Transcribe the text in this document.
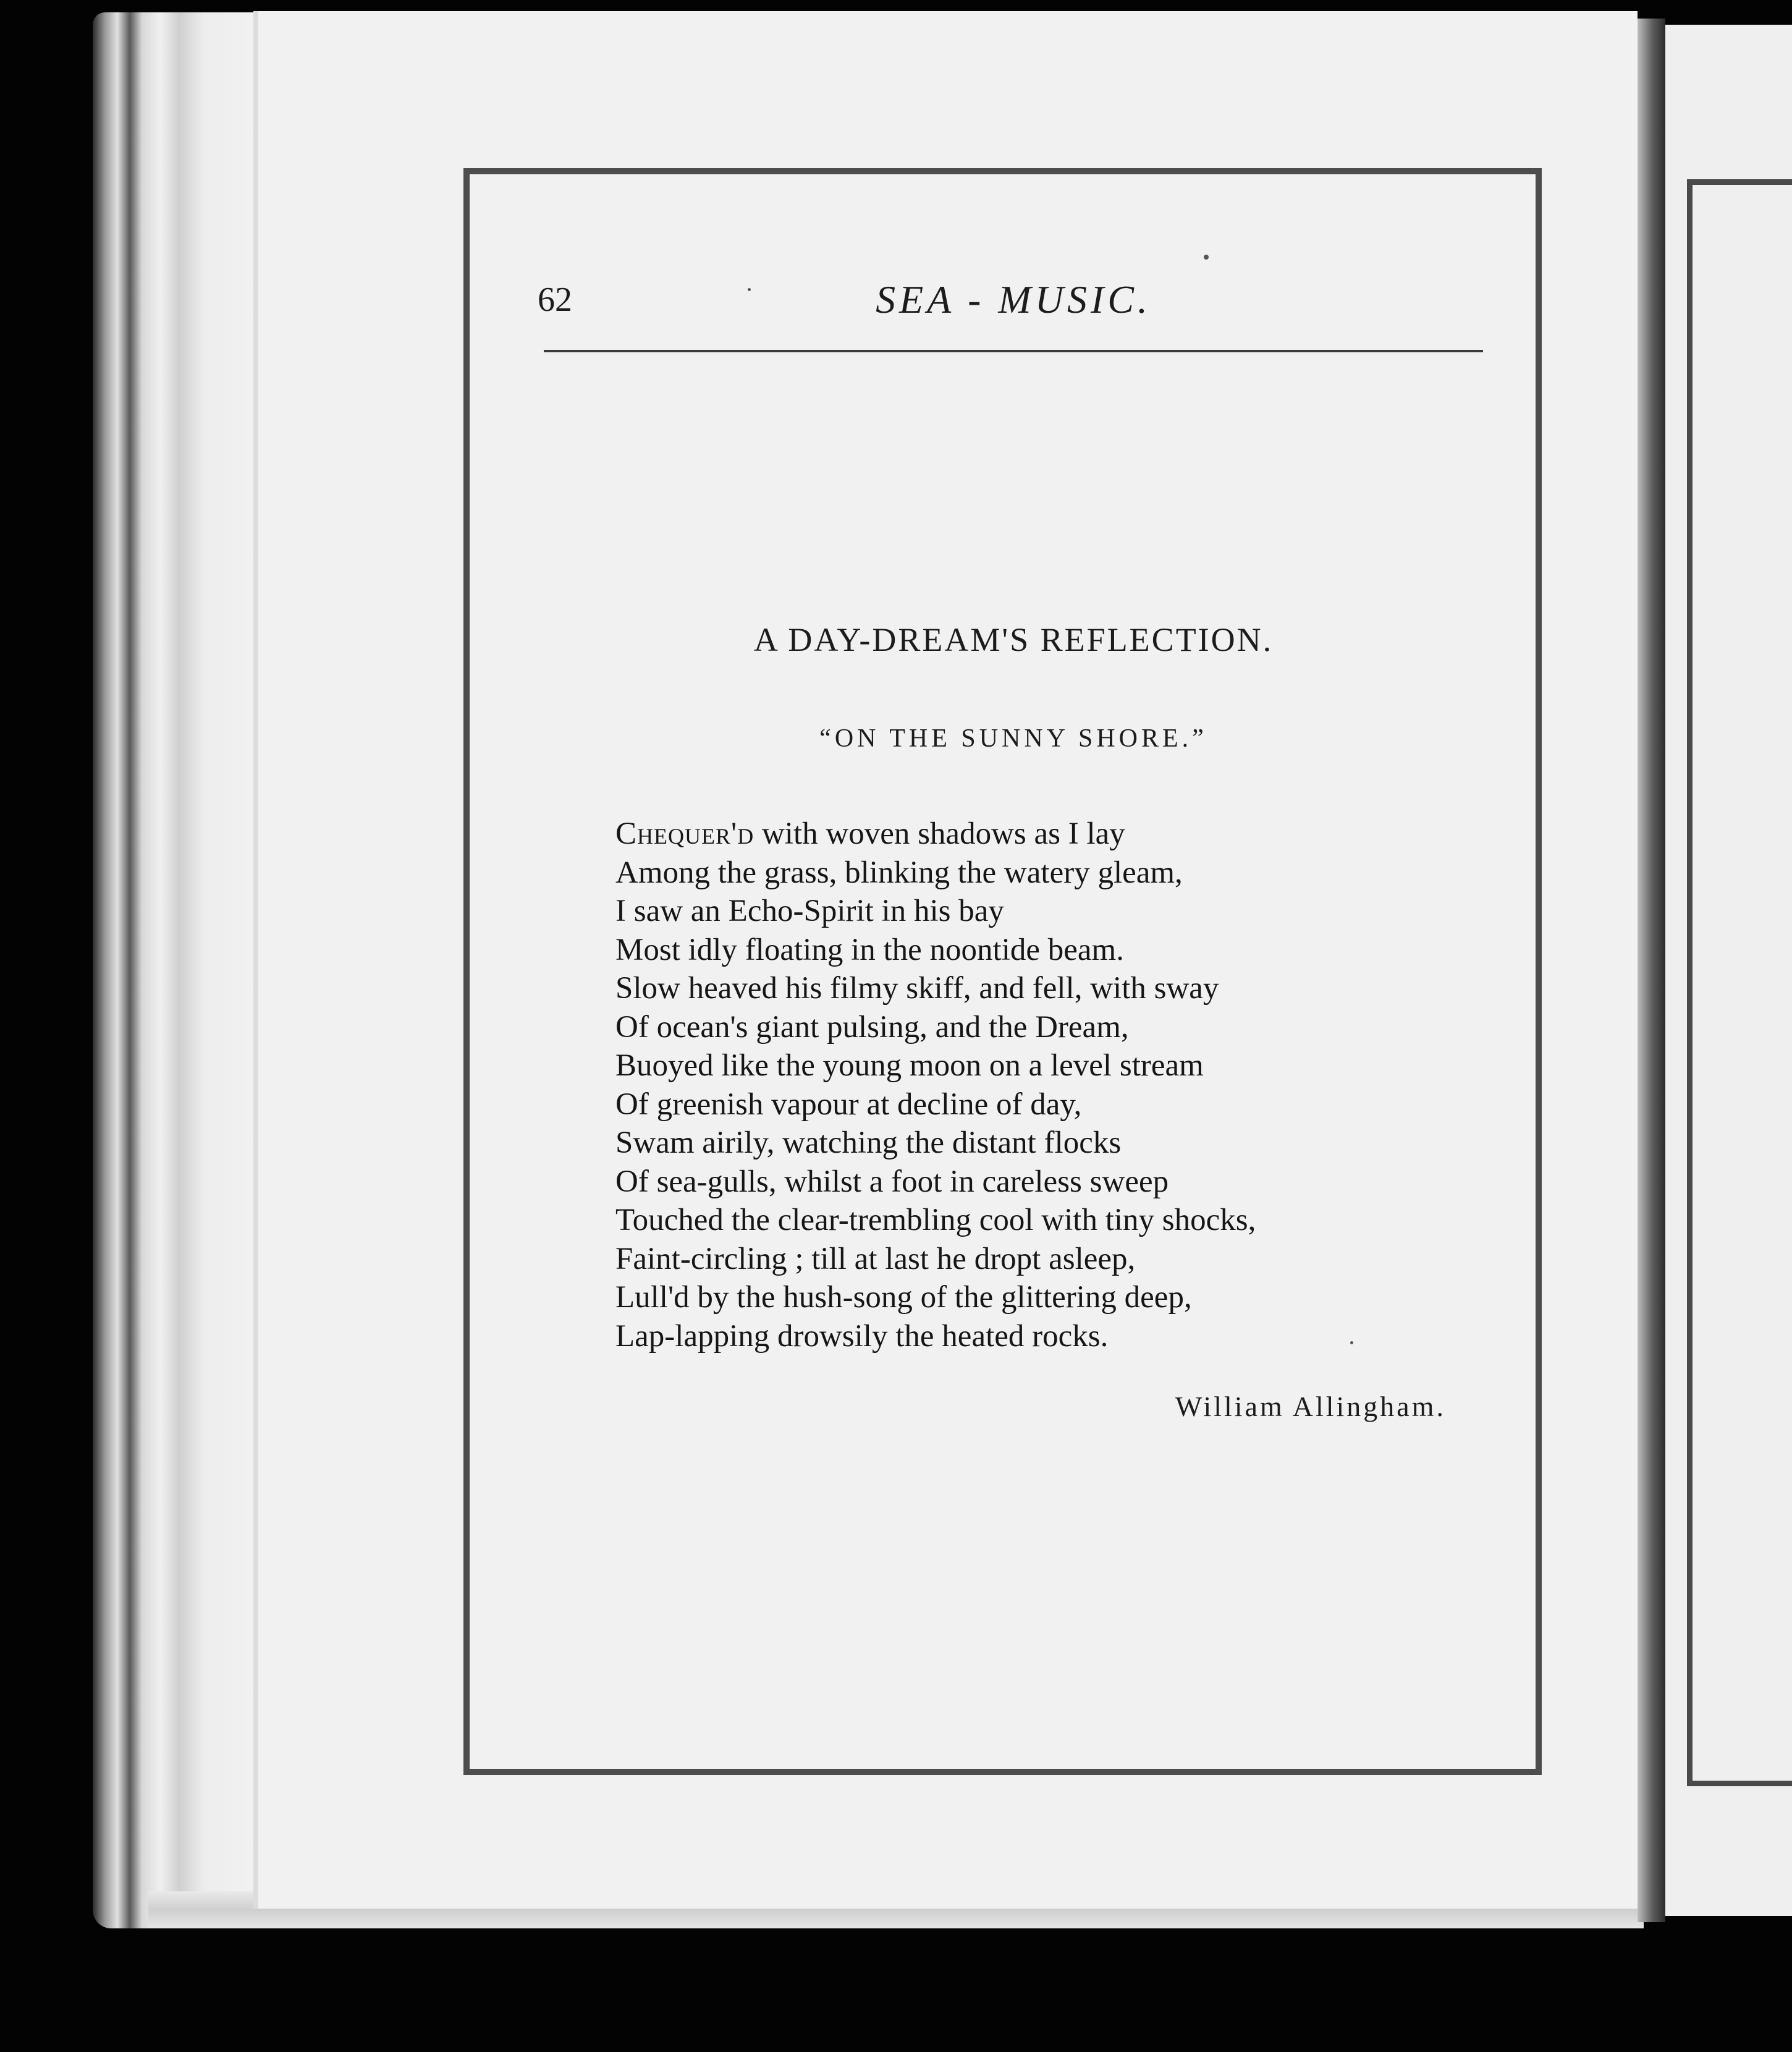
62	SEA - MUSIC.
A DAY-DREAM'S REFLECTION.
“ON THE SUNNY SHORE.”
Chequer'd with woven shadows as I lay
Among the grass, blinking the watery gleam,
I saw an Echo-Spirit in his bay
Most idly floating in the noontide beam.
Slow heaved his filmy skiff, and fell, with sway
Of ocean's giant pulsing, and the Dream,
Buoyed like the young moon on a level stream
Of greenish vapour at decline of day,
Swam airily, watching the distant flocks
Of sea-gulls, whilst a foot in careless sweep
Touched the clear-trembling cool with tiny shocks,
Faint-circling ; till at last he dropt asleep,
Lull'd by the hush-song of the glittering deep,
Lap-lapping drowsily the heated rocks.
William Allingham.
